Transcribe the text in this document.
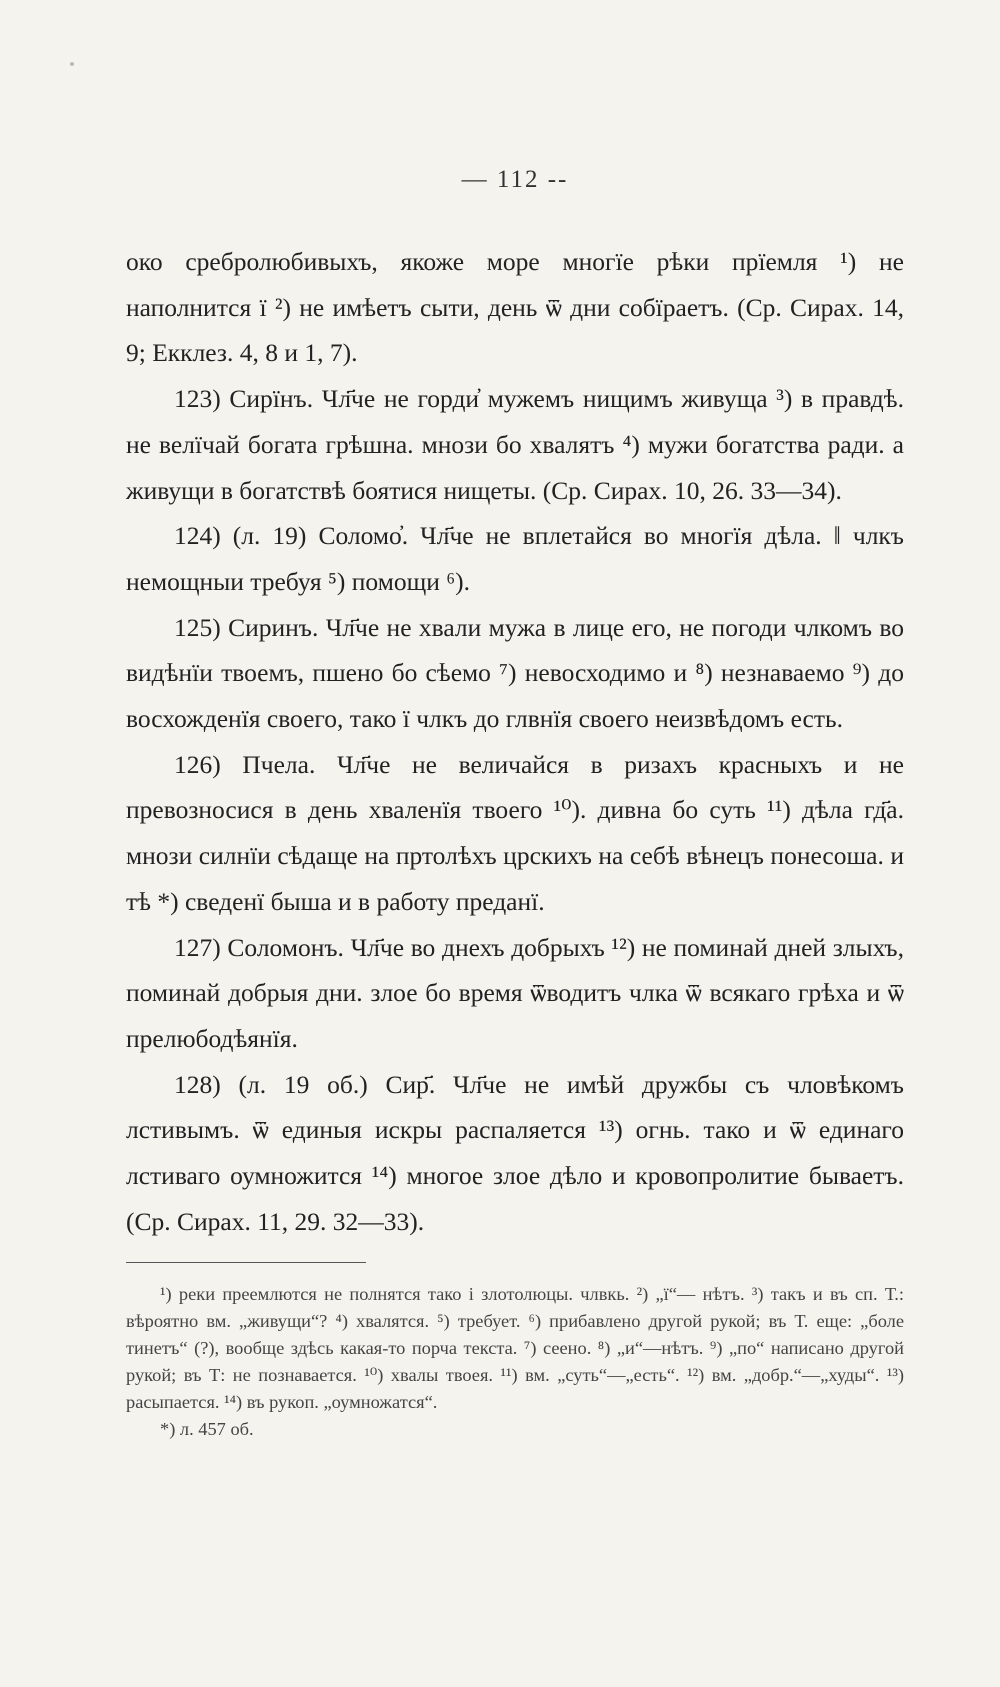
— 112 --

око сребролюбивыхъ, якоже море многїе рѣки прїемля ¹) не наполнится ї ²) не имѣетъ сыти, день ѿ дни собїраетъ. (Ср. Сирах. 14, 9; Екклез. 4, 8 и 1, 7).

123) Сирїнъ. Чл҃че не горди҆ мужемъ нищимъ живуща ³) в правдѣ. не велїчай богата грѣшна. мнози бо хвалятъ ⁴) мужи богатства ради. а живущи в богатствѣ боятися нищеты. (Ср. Сирах. 10, 26. 33—34).

124) (л. 19) Соломо҆. Чл҃че не вплетайся во многїя дѣла. ‖ члкъ немощныи требуя ⁵) помощи ⁶).

125) Сиринъ. Чл҃че не хвали мужа в лице его, не погоди члкомъ во видѣнїи твоемъ, пшено бо сѣемо ⁷) невосходимо и ⁸) незнаваемо ⁹) до восхожденїя своего, тако ї члкъ до глвнїя своего неизвѣдомъ есть.

126) Пчела. Чл҃че не величайся в ризахъ красныхъ и не превозносися в день хваленїя твоего ¹⁰). дивна бо суть ¹¹) дѣла гд҃а. мнози силнїи сѣдаще на пртолѣхъ црскихъ на себѣ вѣнецъ понесоша. и тѣ *) сведенї быша и в работу преданї.

127) Соломонъ. Чл҃че во днехъ добрыхъ ¹²) не поминай дней злыхъ, поминай добрыя дни. злое бо время ѿводитъ члка ѿ всякаго грѣха и ѿ прелюбодѣянїя.

128) (л. 19 об.) Сир҃. Чл҃че не имѣй дружбы съ чловѣкомъ лстивымъ. ѿ единыя искры распаляется ¹³) огнь. тако и ѿ единаго лстиваго оумножится ¹⁴) многое злое дѣло и кровопролитие бываетъ. (Ср. Сирах. 11, 29. 32—33).

¹) реки преемлются не полнятся тако і злотолюцы. члвкь. ²) „ї“— нѣтъ. ³) такъ и въ сп. Т.: вѣроятно вм. „живущи“? ⁴) хвалятся. ⁵) требует. ⁶) прибавлено другой рукой; въ Т. еще: „боле тинетъ“ (?), вообще здѣсь какая-то порча текста. ⁷) сеено. ⁸) „и“—нѣтъ. ⁹) „по“ написано другой рукой; въ Т: не познавается. ¹⁰) хвалы твоея. ¹¹) вм. „суть“—„есть“. ¹²) вм. „добр.“—„худы“. ¹³) расыпается. ¹⁴) въ рукоп. „оумножатся“.

*) л. 457 об.
